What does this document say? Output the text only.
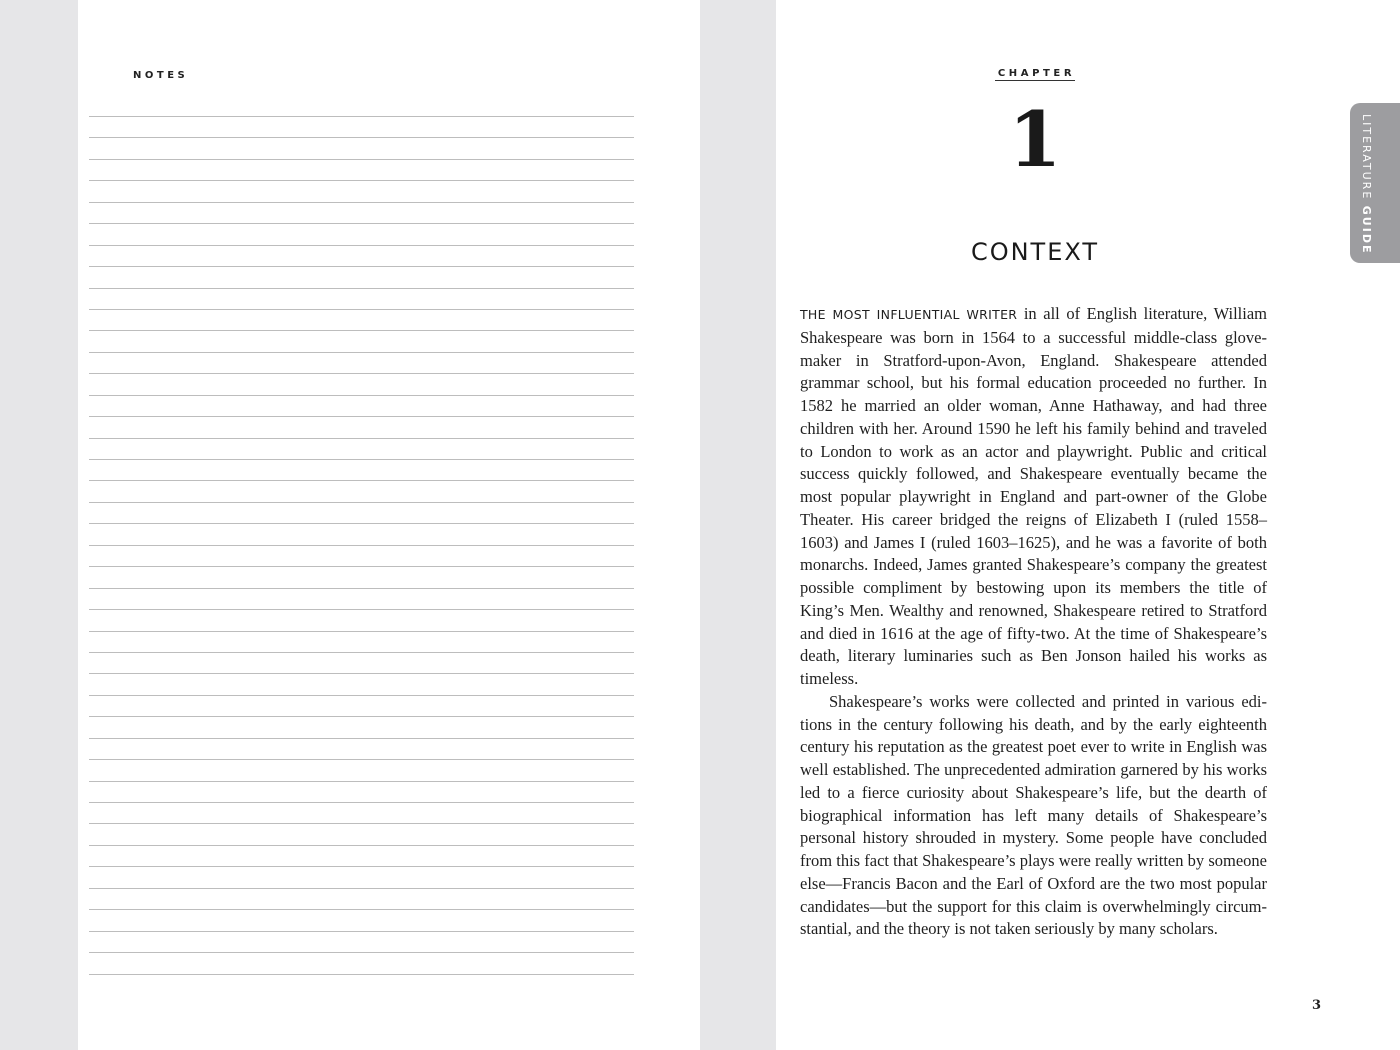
NOTES	CHAPTER
1
CONTEXT

THE MOST INFLUENTIAL WRITER in all of English literature, William Shakespeare was born in 1564 to a successful middle-class glovemaker in Stratford-upon-Avon, England. Shakespeare attended grammar school, but his formal education proceeded no further. In 1582 he married an older woman, Anne Hathaway, and had three children with her. Around 1590 he left his family behind and traveled to London to work as an actor and playwright. Public and critical success quickly followed, and Shakespeare eventually became the most popular playwright in England and part-owner of the Globe Theater. His career bridged the reigns of Elizabeth I (ruled 1558–1603) and James I (ruled 1603–1625), and he was a favorite of both monarchs. Indeed, James granted Shakespeare’s company the greatest possible compliment by bestowing upon its members the title of King’s Men. Wealthy and renowned, Shakespeare retired to Stratford and died in 1616 at the age of fifty-two. At the time of Shakespeare’s death, literary luminaries such as Ben Jonson hailed his works as timeless.

Shakespeare’s works were collected and printed in various editions in the century following his death, and by the early eighteenth century his reputation as the greatest poet ever to write in English was well established. The unprecedented admiration garnered by his works led to a fierce curiosity about Shakespeare’s life, but the dearth of biographical information has left many details of Shakespeare’s personal history shrouded in mystery. Some people have concluded from this fact that Shakespeare’s plays were really written by someone else—Francis Bacon and the Earl of Oxford are the two most popular candidates—but the support for this claim is overwhelmingly circumstantial, and the theory is not taken seriously by many scholars.

3
LITERATURE GUIDE
